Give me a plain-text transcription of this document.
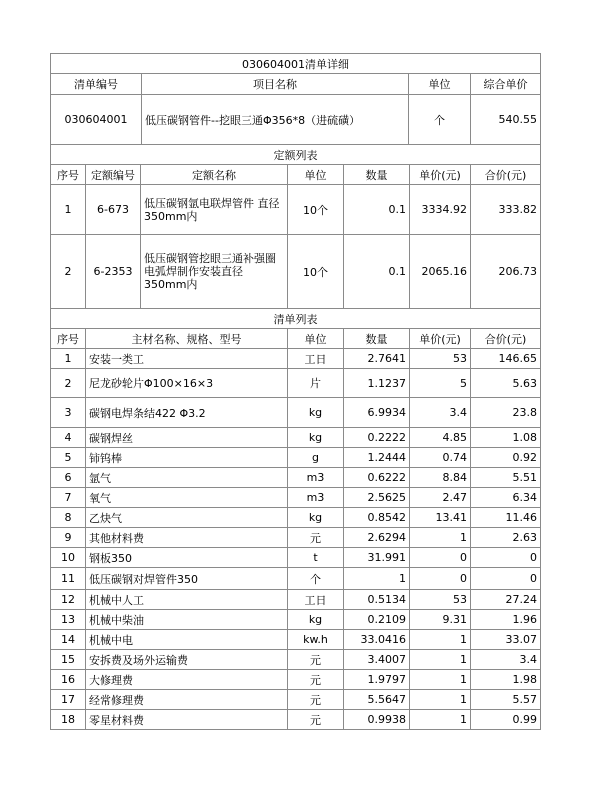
030604001清单详细			
清单编号	项目名称	单位	综合单价
030604001	低压碳钢管件--挖眼三通Φ356*8（进硫磺）	个	540.55
定额列表						
序号	定额编号	定额名称	单位	数量	单价(元)	合价(元)
1	6-673	低压碳钢氩电联焊管件 直径350mm内	10个	0.1	3334.92	333.82
2	6-2353	低压碳钢管挖眼三通补强圈电弧焊制作安装直径350mm内	10个	0.1	2065.16	206.73
清单列表					
序号	主材名称、规格、型号	单位	数量	单价(元)	合价(元)
1	安装一类工	工日	2.7641	53	146.65
2	尼龙砂轮片Φ100×16×3	片	1.1237	5	5.63
3	碳钢电焊条结422 Φ3.2	kg	6.9934	3.4	23.8
4	碳钢焊丝	kg	0.2222	4.85	1.08
5	铈钨棒	g	1.2444	0.74	0.92
6	氩气	m3	0.6222	8.84	5.51
7	氧气	m3	2.5625	2.47	6.34
8	乙炔气	kg	0.8542	13.41	11.46
9	其他材料费	元	2.6294	1	2.63
10	钢板350	t	31.991	0	0
11	低压碳钢对焊管件350	个	1	0	0
12	机械中人工	工日	0.5134	53	27.24
13	机械中柴油	kg	0.2109	9.31	1.96
14	机械中电	kw.h	33.0416	1	33.07
15	安拆费及场外运输费	元	3.4007	1	3.4
16	大修理费	元	1.9797	1	1.98
17	经常修理费	元	5.5647	1	5.57
18	零星材料费	元	0.9938	1	0.99
